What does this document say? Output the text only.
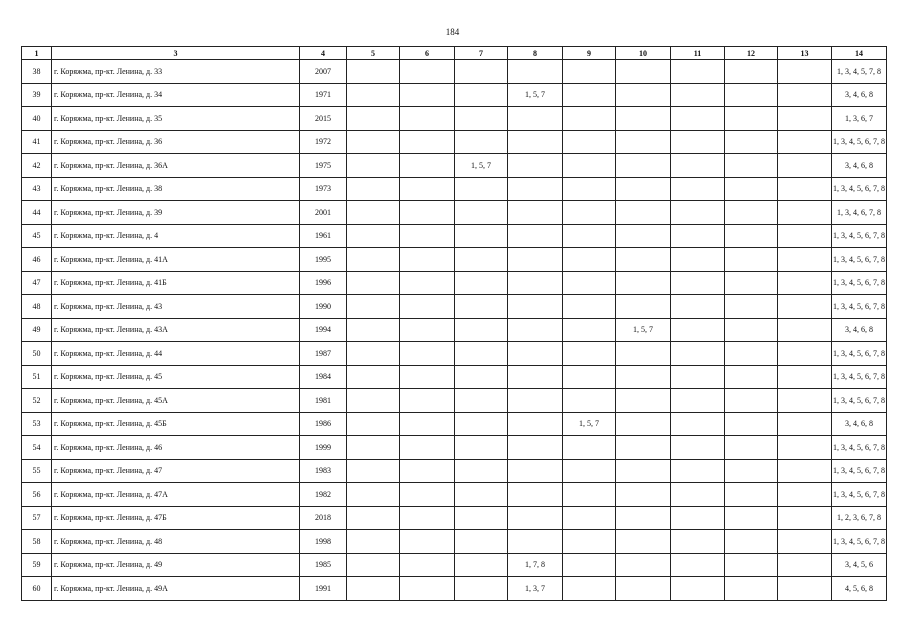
184
1	3	4	5	6	7	8	9	10	11	12	13	14
38	г. Коряжма, пр-кт. Ленина, д. 33	2007										1, 3, 4, 5, 7, 8
39	г. Коряжма, пр-кт. Ленина, д. 34	1971				1, 5, 7						3, 4, 6, 8
40	г. Коряжма, пр-кт. Ленина, д. 35	2015										1, 3, 6, 7
41	г. Коряжма, пр-кт. Ленина, д. 36	1972										1, 3, 4, 5, 6, 7, 8
42	г. Коряжма, пр-кт. Ленина, д. 36А	1975			1, 5, 7							3, 4, 6, 8
43	г. Коряжма, пр-кт. Ленина, д. 38	1973										1, 3, 4, 5, 6, 7, 8
44	г. Коряжма, пр-кт. Ленина, д. 39	2001										1, 3, 4, 6, 7, 8
45	г. Коряжма, пр-кт. Ленина, д. 4	1961										1, 3, 4, 5, 6, 7, 8
46	г. Коряжма, пр-кт. Ленина, д. 41А	1995										1, 3, 4, 5, 6, 7, 8
47	г. Коряжма, пр-кт. Ленина, д. 41Б	1996										1, 3, 4, 5, 6, 7, 8
48	г. Коряжма, пр-кт. Ленина, д. 43	1990										1, 3, 4, 5, 6, 7, 8
49	г. Коряжма, пр-кт. Ленина, д. 43А	1994						1, 5, 7				3, 4, 6, 8
50	г. Коряжма, пр-кт. Ленина, д. 44	1987										1, 3, 4, 5, 6, 7, 8
51	г. Коряжма, пр-кт. Ленина, д. 45	1984										1, 3, 4, 5, 6, 7, 8
52	г. Коряжма, пр-кт. Ленина, д. 45А	1981										1, 3, 4, 5, 6, 7, 8
53	г. Коряжма, пр-кт. Ленина, д. 45Б	1986					1, 5, 7					3, 4, 6, 8
54	г. Коряжма, пр-кт. Ленина, д. 46	1999										1, 3, 4, 5, 6, 7, 8
55	г. Коряжма, пр-кт. Ленина, д. 47	1983										1, 3, 4, 5, 6, 7, 8
56	г. Коряжма, пр-кт. Ленина, д. 47А	1982										1, 3, 4, 5, 6, 7, 8
57	г. Коряжма, пр-кт. Ленина, д. 47Б	2018										1, 2, 3, 6, 7, 8
58	г. Коряжма, пр-кт. Ленина, д. 48	1998										1, 3, 4, 5, 6, 7, 8
59	г. Коряжма, пр-кт. Ленина, д. 49	1985				1, 7, 8						3, 4, 5, 6
60	г. Коряжма, пр-кт. Ленина, д. 49А	1991				1, 3, 7						4, 5, 6, 8
